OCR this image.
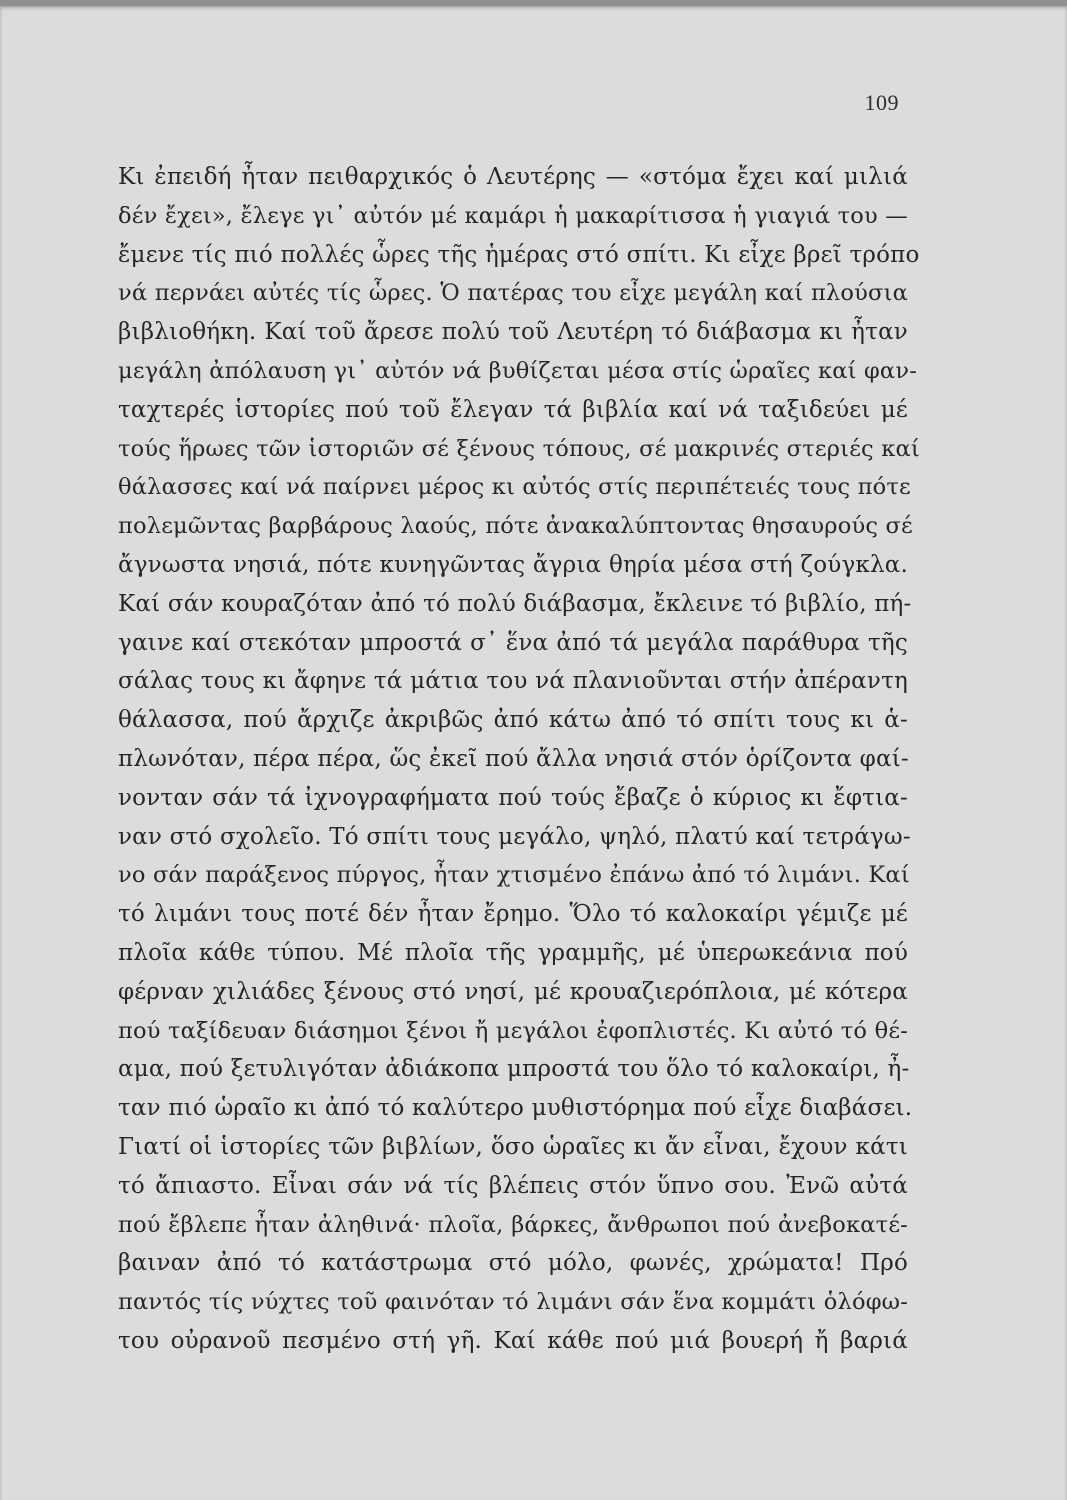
109
Κι ἐπειδή ἦταν πειθαρχικός ὁ Λευτέρης — «στόμα ἔχει καί μιλιά
δέν ἔχει», ἔλεγε γι᾽ αὐτόν μέ καμάρι ἡ μακαρίτισσα ἡ γιαγιά του —
ἔμενε τίς πιό πολλές ὧρες τῆς ἡμέρας στό σπίτι. Κι εἶχε βρεῖ τρόπο
νά περνάει αὐτές τίς ὧρες. Ὁ πατέρας του εἶχε μεγάλη καί πλούσια
βιβλιοθήκη. Καί τοῦ ἄρεσε πολύ τοῦ Λευτέρη τό διάβασμα κι ἦταν
μεγάλη ἀπόλαυση γι᾽ αὐτόν νά βυθίζεται μέσα στίς ὡραῖες καί φαν-
ταχτερές ἱστορίες πού τοῦ ἔλεγαν τά βιβλία καί νά ταξιδεύει μέ
τούς ἥρωες τῶν ἱστοριῶν σέ ξένους τόπους, σέ μακρινές στεριές καί
θάλασσες καί νά παίρνει μέρος κι αὐτός στίς περιπέτειές τους πότε
πολεμῶντας βαρβάρους λαούς, πότε ἀνακαλύπτοντας θησαυρούς σέ
ἄγνωστα νησιά, πότε κυνηγῶντας ἄγρια θηρία μέσα στή ζούγκλα.
Καί σάν κουραζόταν ἀπό τό πολύ διάβασμα, ἔκλεινε τό βιβλίο, πή-
γαινε καί στεκόταν μπροστά σ᾽ ἕνα ἀπό τά μεγάλα παράθυρα τῆς
σάλας τους κι ἄφηνε τά μάτια του νά πλανιοῦνται στήν ἀπέραντη
θάλασσα, πού ἄρχιζε ἀκριβῶς ἀπό κάτω ἀπό τό σπίτι τους κι ἁ-
πλωνόταν, πέρα πέρα, ὥς ἐκεῖ πού ἄλλα νησιά στόν ὁρίζοντα φαί-
νονταν σάν τά ἰχνογραφήματα πού τούς ἔβαζε ὁ κύριος κι ἔφτια-
ναν στό σχολεῖο. Τό σπίτι τους μεγάλο, ψηλό, πλατύ καί τετράγω-
νο σάν παράξενος πύργος, ἦταν χτισμένο ἐπάνω ἀπό τό λιμάνι. Καί
τό λιμάνι τους ποτέ δέν ἦταν ἔρημο. Ὅλο τό καλοκαίρι γέμιζε μέ
πλοῖα κάθε τύπου. Μέ πλοῖα τῆς γραμμῆς, μέ ὑπερωκεάνια πού
φέρναν χιλιάδες ξένους στό νησί, μέ κρουαζιερόπλοια, μέ κότερα
πού ταξίδευαν διάσημοι ξένοι ἤ μεγάλοι ἐφοπλιστές. Κι αὐτό τό θέ-
αμα, πού ξετυλιγόταν ἀδιάκοπα μπροστά του ὅλο τό καλοκαίρι, ἦ-
ταν πιό ὡραῖο κι ἀπό τό καλύτερο μυθιστόρημα πού εἶχε διαβάσει.
Γιατί οἱ ἱστορίες τῶν βιβλίων, ὅσο ὡραῖες κι ἄν εἶναι, ἔχουν κάτι
τό ἄπιαστο. Εἶναι σάν νά τίς βλέπεις στόν ὕπνο σου. Ἐνῶ αὐτά
πού ἔβλεπε ἦταν ἀληθινά· πλοῖα, βάρκες, ἄνθρωποι πού ἀνεβοκατέ-
βαιναν ἀπό τό κατάστρωμα στό μόλο, φωνές, χρώματα! Πρό
παντός τίς νύχτες τοῦ φαινόταν τό λιμάνι σάν ἕνα κομμάτι ὁλόφω-
του οὐρανοῦ πεσμένο στή γῆ. Καί κάθε πού μιά βουερή ἤ βαριά
